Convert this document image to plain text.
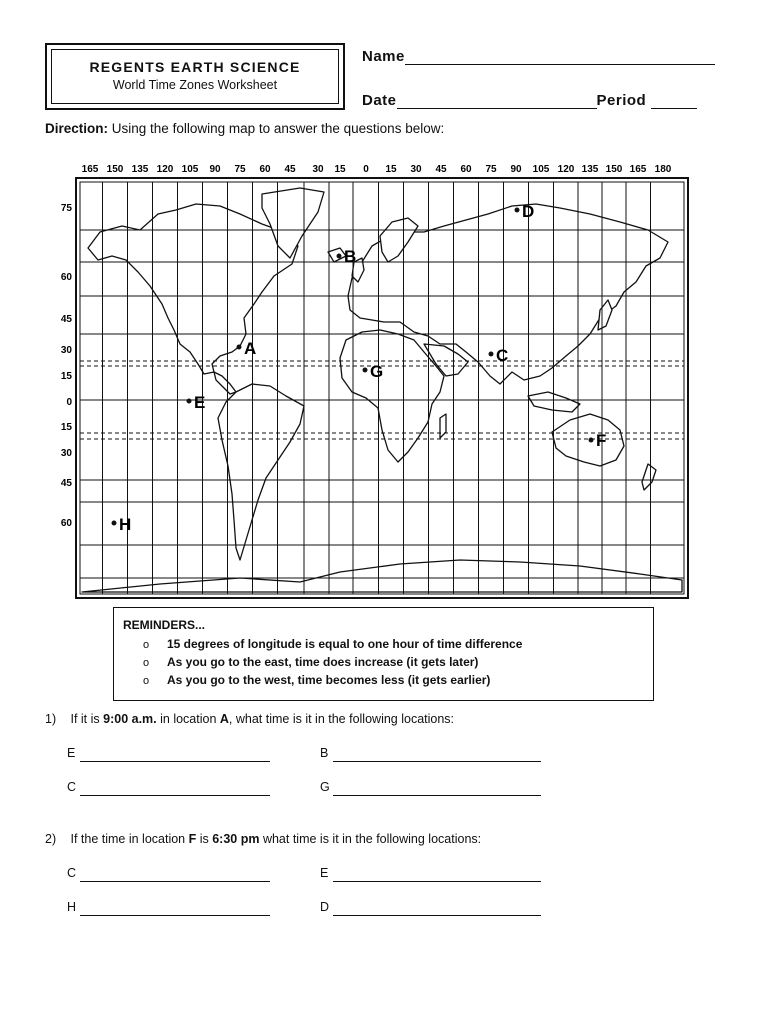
REGENTS EARTH SCIENCE
World Time Zones Worksheet
Name
Date	Period
Direction: Using the following map to answer the questions below:
165 150 135 120 105 90 75 60 45 30 15 0 15 30 45 60 75 90 105 120 135 150 165 180
75
60
45
30
15
0
15
30
45
60
A
B
C
D
E
F
G
H
REMINDERS...
o 15 degrees of longitude is equal to one hour of time difference
o As you go to the east, time does increase (it gets later)
o As you go to the west, time becomes less (it gets earlier)
1) If it is 9:00 a.m. in location A, what time is it in the following locations:
E	B
C	G
2) If the time in location F is 6:30 pm what time is it in the following locations:
C	E
H	D
